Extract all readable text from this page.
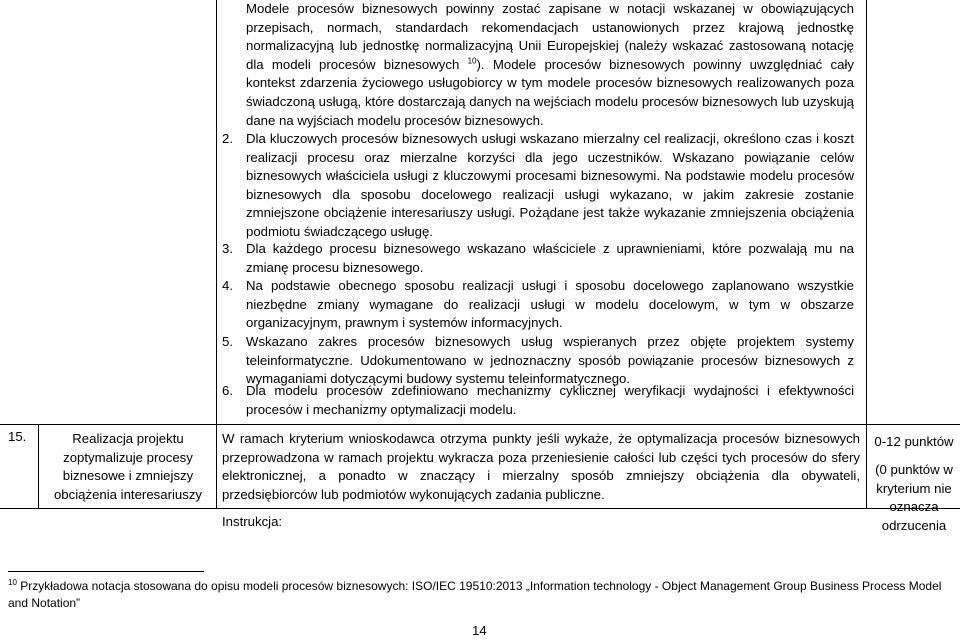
Modele procesów biznesowych powinny zostać zapisane w notacji wskazanej w obowiązujących przepisach, normach, standardach rekomendacjach ustanowionych przez krajową jednostkę normalizacyjną lub jednostkę normalizacyjną Unii Europejskiej (należy wskazać zastosowaną notację dla modeli procesów biznesowych $^{10}$). Modele procesów biznesowych powinny uwzględniać cały kontekst zdarzenia życiowego usługobiorcy w tym modele procesów biznesowych realizowanych poza świadczoną usługą, które dostarczają danych na wejściach modelu procesów biznesowych lub uzyskują dane na wyjściach modelu procesów biznesowych.
2. Dla kluczowych procesów biznesowych usługi wskazano mierzalny cel realizacji, określono czas i koszt realizacji procesu oraz mierzalne korzyści dla jego uczestników. Wskazano powiązanie celów biznesowych właściciela usługi z kluczowymi procesami biznesowymi. Na podstawie modelu procesów biznesowych dla sposobu docelowego realizacji usługi wykazano, w jakim zakresie zostanie zmniejszone obciążenie interesariuszy usługi. Pożądane jest także wykazanie zmniejszenia obciążenia podmiotu świadczącego usługę.
3. Dla każdego procesu biznesowego wskazano właściciele z uprawnieniami, które pozwalają mu na zmianę procesu biznesowego.
4. Na podstawie obecnego sposobu realizacji usługi i sposobu docelowego zaplanowano wszystkie niezbędne zmiany wymagane do realizacji usługi w modelu docelowym, w tym w obszarze organizacyjnym, prawnym i systemów informacyjnych.
5. Wskazano zakres procesów biznesowych usług wspieranych przez objęte projektem systemy teleinformatyczne. Udokumentowano w jednoznaczny sposób powiązanie procesów biznesowych z wymaganiami dotyczącymi budowy systemu teleinformatycznego.
6. Dla modelu procesów zdefiniowano mechanizmy cyklicznej weryfikacji wydajności i efektywności procesów i mechanizmy optymalizacji modelu.
15.	Realizacja projektu zoptymalizuje procesy biznesowe i zmniejszy obciążenia interesariuszy
W ramach kryterium wnioskodawca otrzyma punkty jeśli wykaże, że optymalizacja procesów biznesowych przeprowadzona w ramach projektu wykracza poza przeniesienie całości lub części tych procesów do sfery elektronicznej, a ponadto w znaczący i mierzalny sposób zmniejszy obciążenia dla obywateli, przedsiębiorców lub podmiotów wykonujących zadania publiczne.
Instrukcja:
0-12 punktów
(0 punktów w kryterium nie oznacza odrzucenia
$^{10}$ Przykładowa notacja stosowana do opisu modeli procesów biznesowych: ISO/IEC 19510:2013 „Information technology - Object Management Group Business Process Model and Notation”
14
